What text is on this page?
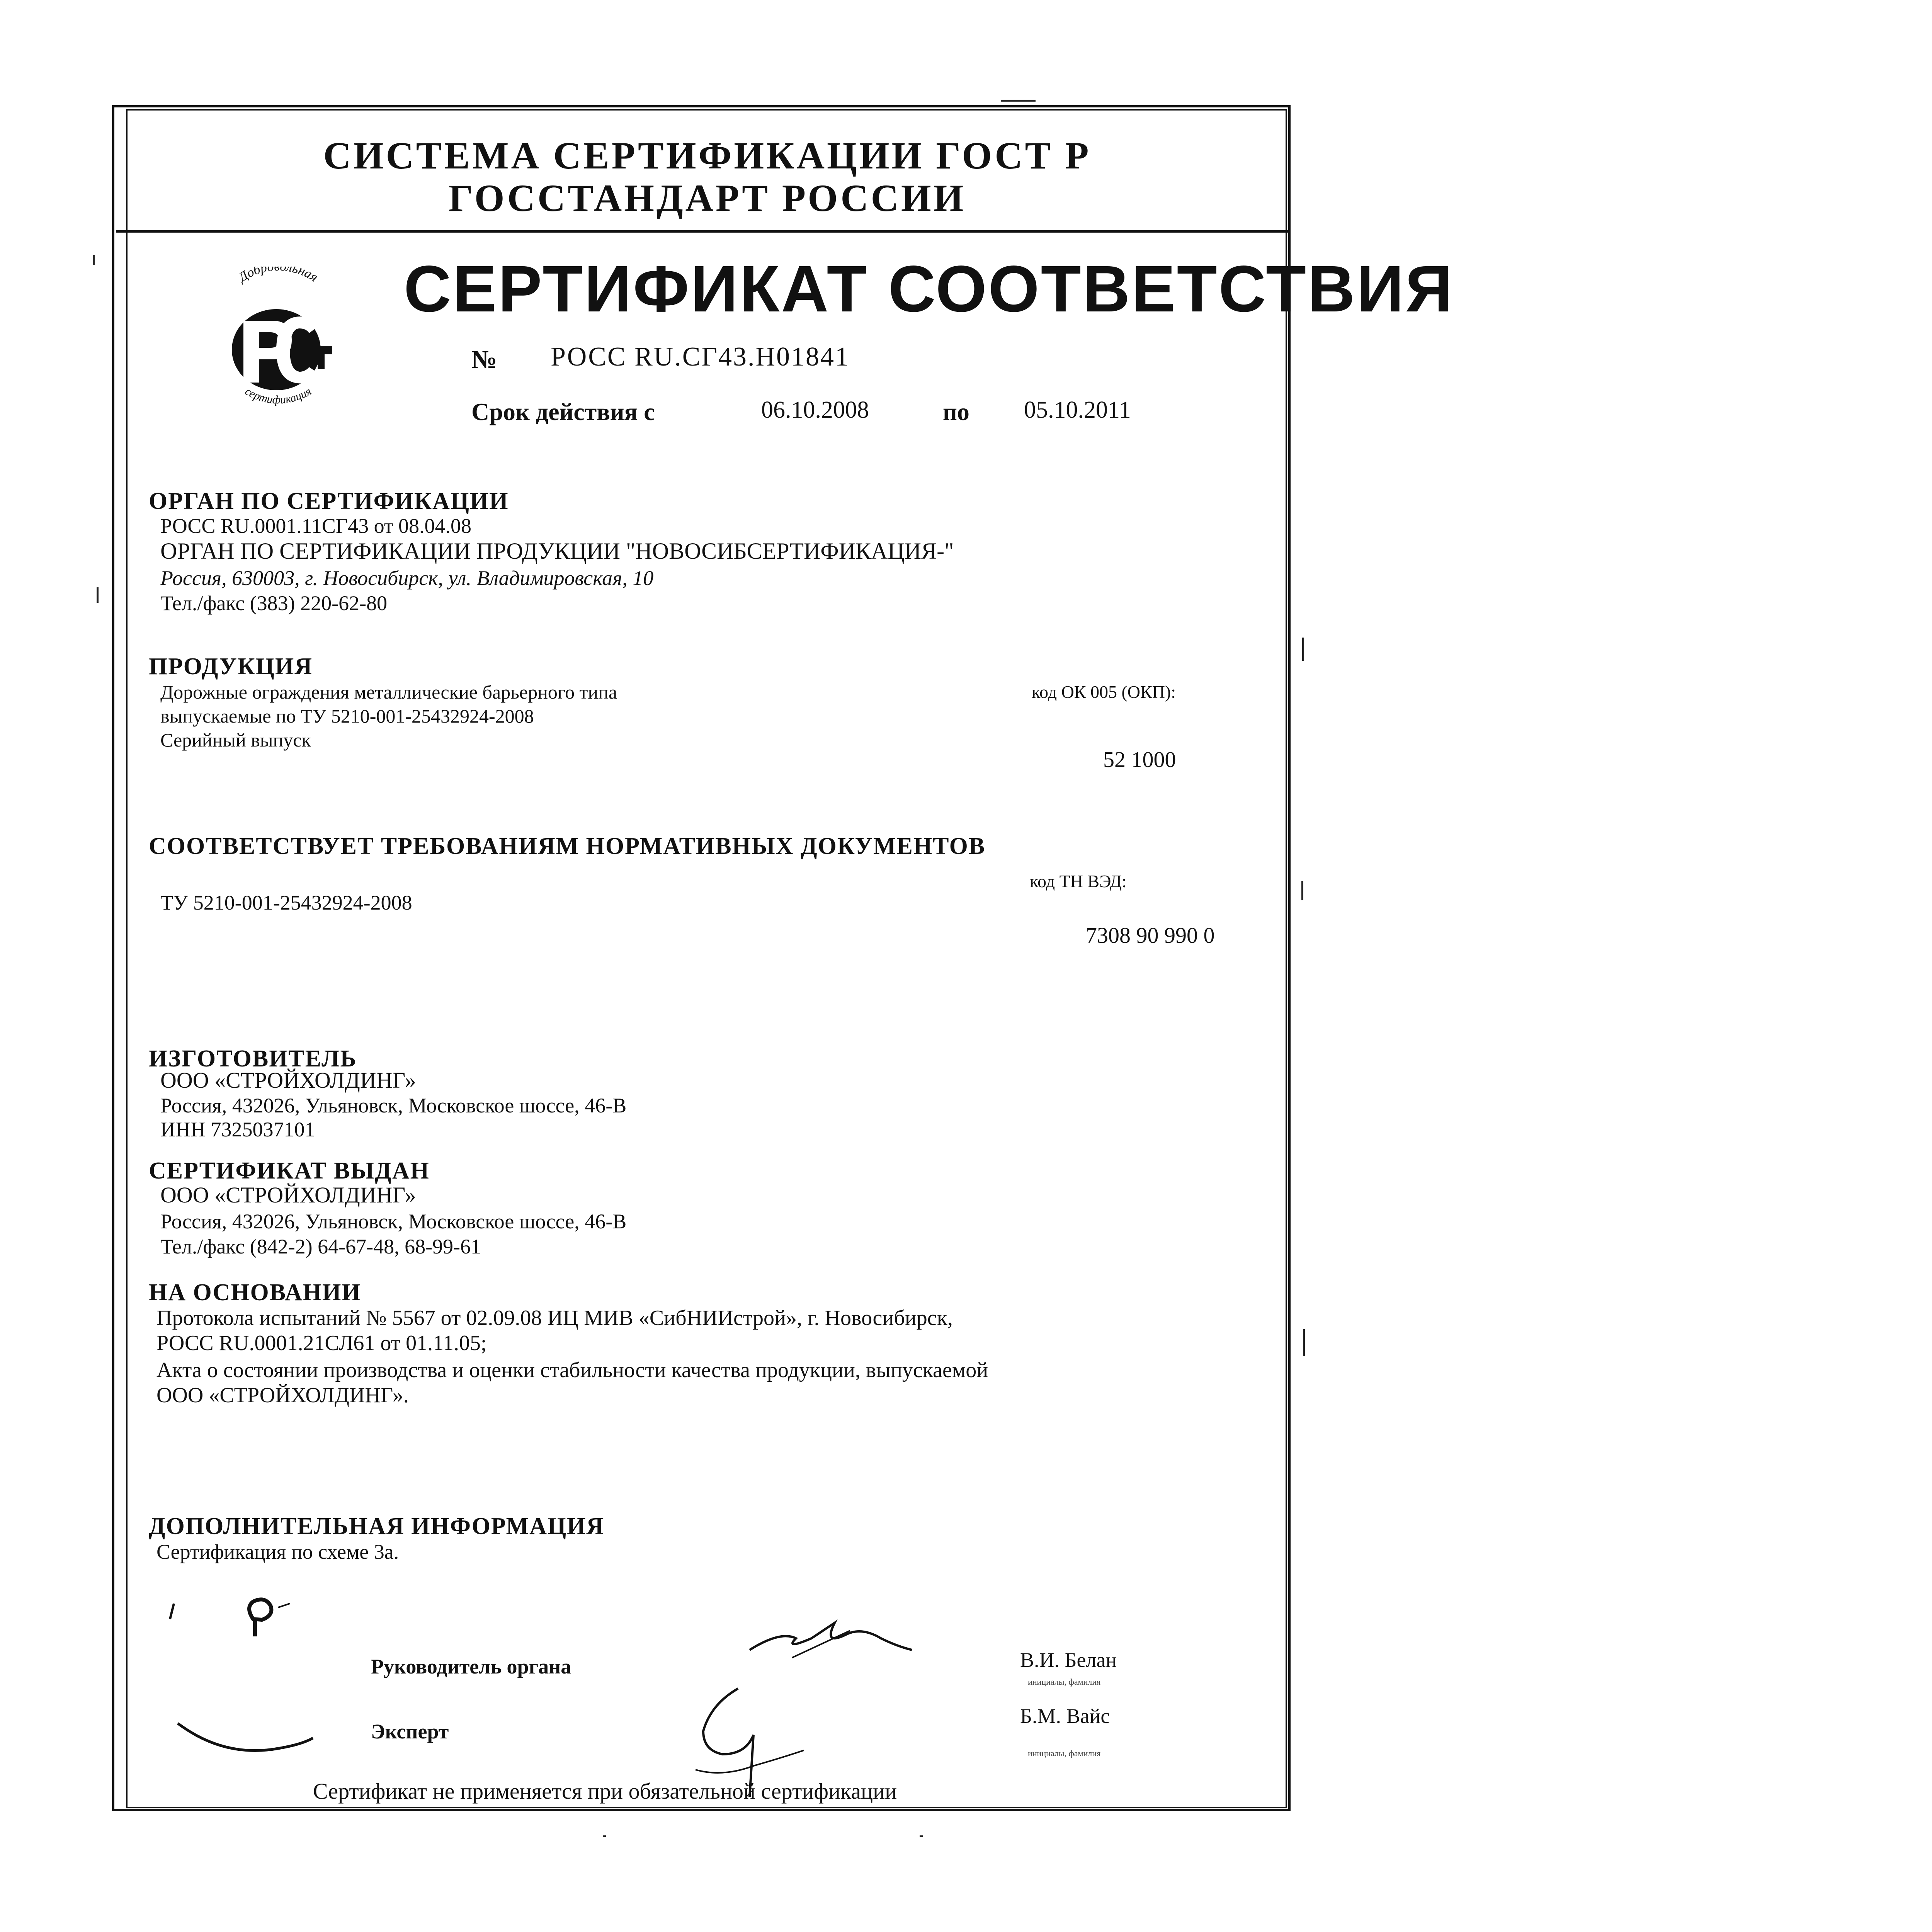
СИСТЕМА СЕРТИФИКАЦИИ ГОСТ Р
ГОССТАНДАРТ РОССИИ
Добро льная
сертификация
СЕРТИФИКАТ СООТВЕТСТВИЯ
№ РОСС RU.СГ43.Н01841
Срок действия с	06.10.2008	по 05.10.2011
ОРГАН ПО СЕРТИФИКАЦИИ
РОСС RU.0001.11СГ43 от 08.04.08
ОРГАН ПО СЕРТИФИКАЦИИ ПРОДУКЦИИ "НОВОСИБСЕРТИФИКАЦИЯ-"
Россия, 630003, г. Новосибирск, ул. Владимировская, 10
Тел./факс (383) 220-62-80
ПРОДУКЦИЯ
Дорожные ограждения металлические барьерного типа
выпускаемые по ТУ 5210-001-25432924-2008
Серийный выпуск
код ОК 005 (ОКП):
52 1000
СООТВЕТСТВУЕТ ТРЕБОВАНИЯМ НОРМАТИВНЫХ ДОКУМЕНТОВ
ТУ 5210-001-25432924-2008
код ТН ВЭД:
7308 90 990 0
ИЗГОТОВИТЕЛЬ
ООО «СТРОЙХОЛДИНГ»
Россия, 432026, Ульяновск, Московское шоссе, 46-В
ИНН 7325037101
СЕРТИФИКАТ ВЫДАН
ООО «СТРОЙХОЛДИНГ»
Россия, 432026, Ульяновск, Московское шоссе, 46-В
Тел./факс (842-2) 64-67-48, 68-99-61
НА ОСНОВАНИИ
Протокола испытаний № 5567 от 02.09.08 ИЦ МИВ «СибНИИстрой», г. Новосибирск,
РОСС RU.0001.21СЛ61 от 01.11.05;
Акта о состоянии производства и оценки стабильности качества продукции, выпускаемой
ООО «СТРОЙХОЛДИНГ».
ДОПОЛНИТЕЛЬНАЯ ИНФОРМАЦИЯ
Сертификация по схеме 3а.
Руководитель органа
Эксперт
В.И. Белан
инициалы, фамилия
Б.М. Вайс
инициалы, фамилия
Сертификат не применяется при обязательной сертификации
